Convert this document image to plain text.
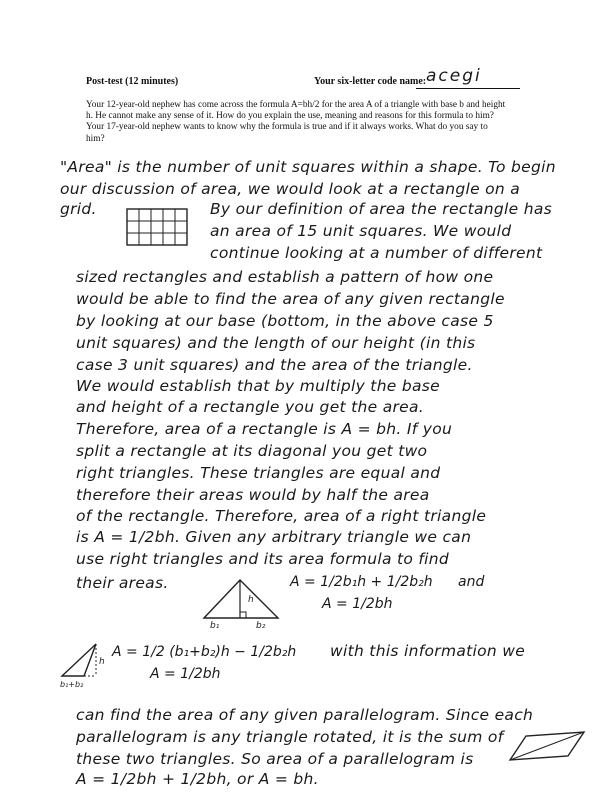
Post-test (12 minutes)	Your six-letter code name: acegi

Your 12-year-old nephew has come across the formula A=bh/2 for the area A of a triangle with base b and height h. He cannot make any sense of it. How do you explain the use, meaning and reasons for this formula to him? Your 17-year-old nephew wants to know why the formula is true and if it always works. What do you say to him?

"Area" is the number of unit squares within a shape. To begin
our discussion of area, we would look at a rectangle on a
grid.	By our definition of area the rectangle has
an area of 15 unit squares. We would
continue looking at a number of different
sized rectangles and establish a pattern of how one
would be able to find the area of any given rectangle
by looking at our base (bottom, in the above case 5
unit squares) and the length of our height (in this
case 3 unit squares) and the area of the triangle.
We would establish that by multiply the base
and height of a rectangle you get the area.
Therefore, area of a rectangle is A = bh. If you
split a rectangle at its diagonal you get two
right triangles. These triangles are equal and
therefore their areas would by half the area
of the rectangle. Therefore, area of a right triangle
is A = 1/2bh. Given any arbitrary triangle we can
use right triangles and its area formula to find
their areas.
h
b₁	b₂
A = 1/2b₁h + 1/2b₂h and
A = 1/2bh
h
b₁+b₂
A = 1/2 (b₁+b₂)h − 1/2b₂h
A = 1/2bh
with this information we
can find the area of any given parallelogram. Since each
parallelogram is any triangle rotated, it is the sum of
these two triangles. So area of a parallelogram is
A = 1/2bh + 1/2bh, or A = bh.
